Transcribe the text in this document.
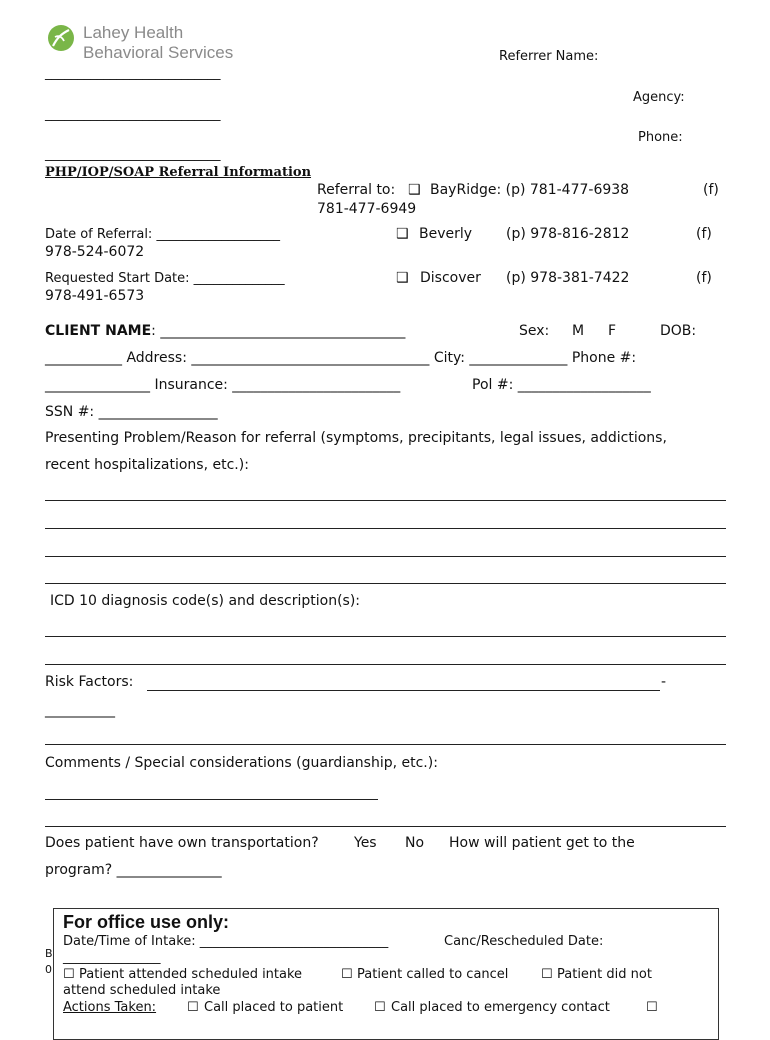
Lahey Health
Behavioral Services	Referrer Name:
___________________________
Agency:
___________________________
Phone:
___________________________
PHP/IOP/SOAP Referral Information
Referral to: ❑ BayRidge: (p) 781-477-6938	(f)
781-477-6949
Date of Referral: ___________________	❑ Beverly (p) 978-816-2812	(f)
978-524-6072
Requested Start Date: ______________	❑ Discover (p) 978-381-7422	(f)
978-491-6573
CLIENT NAME: ___________________________________	Sex: M F	DOB:
___________ Address: __________________________________ City: ______________ Phone #:
_______________ Insurance: ________________________	Pol #: ___________________
SSN #: _________________
Presenting Problem/Reason for referral (symptoms, precipitants, legal issues, addictions,
recent hospitalizations, etc.):
ICD 10 diagnosis code(s) and description(s):
Risk Factors:	-
__________
Comments / Special considerations (guardianship, etc.):
Does patient have own transportation?	Yes No How will patient get to the
program? _______________
B
0
For office use only:
Date/Time of Intake: _____________________________	Canc/Rescheduled Date:
_______________
☐ Patient attended scheduled intake	☐ Patient called to cancel	☐ Patient did not
attend scheduled intake
Actions Taken: ☐ Call placed to patient ☐ Call placed to emergency contact	☐
